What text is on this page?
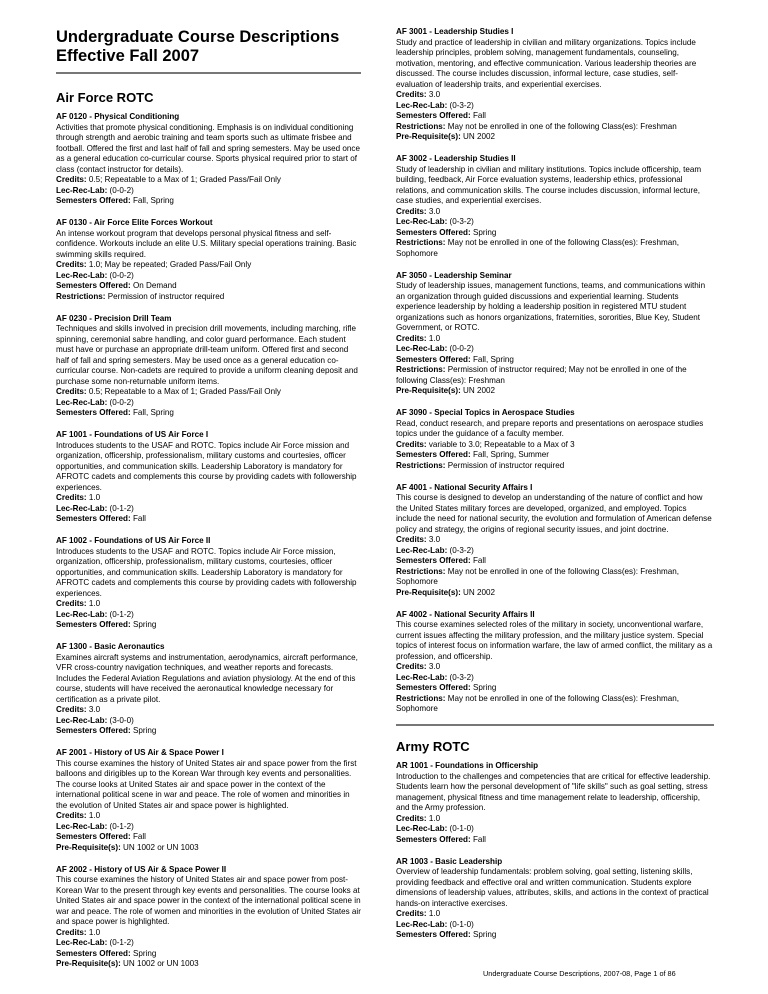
Undergraduate Course Descriptions
Effective Fall 2007
Air Force ROTC
AF 0120 - Physical Conditioning
Activities that promote physical conditioning. Emphasis is on individual conditioning through strength and aerobic training and team sports such as ultimate frisbee and football. Offered the first and last half of fall and spring semesters. May be used once as a general education co-curricular course. Sports physical required prior to start of class (contact instructor for details).
Credits: 0.5; Repeatable to a Max of 1; Graded Pass/Fail Only
Lec-Rec-Lab: (0-0-2)
Semesters Offered: Fall, Spring
AF 0130 - Air Force Elite Forces Workout
An intense workout program that develops personal physical fitness and self-confidence. Workouts include an elite U.S. Military special operations training. Basic swimming skills required.
Credits: 1.0; May be repeated; Graded Pass/Fail Only
Lec-Rec-Lab: (0-0-2)
Semesters Offered: On Demand
Restrictions: Permission of instructor required
AF 0230 - Precision Drill Team
Techniques and skills involved in precision drill movements, including marching, rifle spinning, ceremonial sabre handling, and color guard performance. Each student must have or purchase an appropriate drill-team uniform. Offered first and second half of fall and spring semesters. May be used once as a general education co-curricular course. Non-cadets are required to provide a uniform cleaning deposit and purchase some non-returnable uniform items.
Credits: 0.5; Repeatable to a Max of 1; Graded Pass/Fail Only
Lec-Rec-Lab: (0-0-2)
Semesters Offered: Fall, Spring
AF 1001 - Foundations of US Air Force I
Introduces students to the USAF and ROTC. Topics include Air Force mission and organization, officership, professionalism, military customs and courtesies, officer opportunities, and communication skills. Leadership Laboratory is mandatory for AFROTC cadets and complements this course by providing cadets with followership experiences.
Credits: 1.0
Lec-Rec-Lab: (0-1-2)
Semesters Offered: Fall
AF 1002 - Foundations of US Air Force II
Introduces students to the USAF and ROTC. Topics include Air Force mission, organization, officership, professionalism, military customs, courtesies, officer opportunities, and communication skills. Leadership Laboratory is mandatory for AFROTC cadets and complements this course by providing cadets with followership experiences.
Credits: 1.0
Lec-Rec-Lab: (0-1-2)
Semesters Offered: Spring
AF 1300 - Basic Aeronautics
Examines aircraft systems and instrumentation, aerodynamics, aircraft performance, VFR cross-country navigation techniques, and weather reports and forecasts. Includes the Federal Aviation Regulations and aviation physiology. At the end of this course, students will have received the aeronautical knowledge necessary for certification as a private pilot.
Credits: 3.0
Lec-Rec-Lab: (3-0-0)
Semesters Offered: Spring
AF 2001 - History of US Air & Space Power I
This course examines the history of United States air and space power from the first balloons and dirigibles up to the Korean War through key events and personalities. The course looks at United States air and space power in the context of the international political scene in war and peace. The role of women and minorities in the evolution of United States air and space power is highlighted.
Credits: 1.0
Lec-Rec-Lab: (0-1-2)
Semesters Offered: Fall
Pre-Requisite(s): UN 1002 or UN 1003
AF 2002 - History of US Air & Space Power II
This course examines the history of United States air and space power from post-Korean War to the present through key events and personalities. The course looks at United States air and space power in the context of the international political scene in war and peace. The role of women and minorities in the evolution of United States air and space power is highlighted.
Credits: 1.0
Lec-Rec-Lab: (0-1-2)
Semesters Offered: Spring
Pre-Requisite(s): UN 1002 or UN 1003
AF 3001 - Leadership Studies I
Study and practice of leadership in civilian and military organizations. Topics include leadership principles, problem solving, management fundamentals, counseling, motivation, mentoring, and effective communication. Various leadership theories are discussed. The course includes discussion, informal lecture, case studies, self-evaluation of leadership traits, and experiential exercises.
Credits: 3.0
Lec-Rec-Lab: (0-3-2)
Semesters Offered: Fall
Restrictions: May not be enrolled in one of the following Class(es): Freshman
Pre-Requisite(s): UN 2002
AF 3002 - Leadership Studies II
Study of leadership in civilian and military institutions. Topics include officership, team building, feedback, Air Force evaluation systems, leadership ethics, professional relations, and communication skills. The course includes discussion, informal lecture, case studies, and experiential exercises.
Credits: 3.0
Lec-Rec-Lab: (0-3-2)
Semesters Offered: Spring
Restrictions: May not be enrolled in one of the following Class(es): Freshman, Sophomore
AF 3050 - Leadership Seminar
Study of leadership issues, management functions, teams, and communications within an organization through guided discussions and experiential learning. Students experience leadership by holding a leadership position in registered MTU student organizations such as honors organizations, fraternities, sororities, Blue Key, Student Government, or ROTC.
Credits: 1.0
Lec-Rec-Lab: (0-0-2)
Semesters Offered: Fall, Spring
Restrictions: Permission of instructor required; May not be enrolled in one of the following Class(es): Freshman
Pre-Requisite(s): UN 2002
AF 3090 - Special Topics in Aerospace Studies
Read, conduct research, and prepare reports and presentations on aerospace studies topics under the guidance of a faculty member.
Credits: variable to 3.0; Repeatable to a Max of 3
Semesters Offered: Fall, Spring, Summer
Restrictions: Permission of instructor required
AF 4001 - National Security Affairs I
This course is designed to develop an understanding of the nature of conflict and how the United States military forces are developed, organized, and employed. Topics include the need for national security, the evolution and formulation of American defense policy and strategy, the origins of regional security issues, and joint doctrine.
Credits: 3.0
Lec-Rec-Lab: (0-3-2)
Semesters Offered: Fall
Restrictions: May not be enrolled in one of the following Class(es): Freshman, Sophomore
Pre-Requisite(s): UN 2002
AF 4002 - National Security Affairs II
This course examines selected roles of the military in society, unconventional warfare, current issues affecting the military profession, and the military justice system. Special topics of interest focus on information warfare, the law of armed conflict, the military as a profession, and officership.
Credits: 3.0
Lec-Rec-Lab: (0-3-2)
Semesters Offered: Spring
Restrictions: May not be enrolled in one of the following Class(es): Freshman, Sophomore
Army ROTC
AR 1001 - Foundations in Officership
Introduction to the challenges and competencies that are critical for effective leadership. Students learn how the personal development of "life skills" such as goal setting, stress management, physical fitness and time management relate to leadership, officership, and the Army profession.
Credits: 1.0
Lec-Rec-Lab: (0-1-0)
Semesters Offered: Fall
AR 1003 - Basic Leadership
Overview of leadership fundamentals: problem solving, goal setting, listening skills, providing feedback and effective oral and written communication. Students explore dimensions of leadership values, attributes, skills, and actions in the context of practical hands-on interactive exercises.
Credits: 1.0
Lec-Rec-Lab: (0-1-0)
Semesters Offered: Spring
Undergraduate Course Descriptions, 2007-08, Page 1 of 86
